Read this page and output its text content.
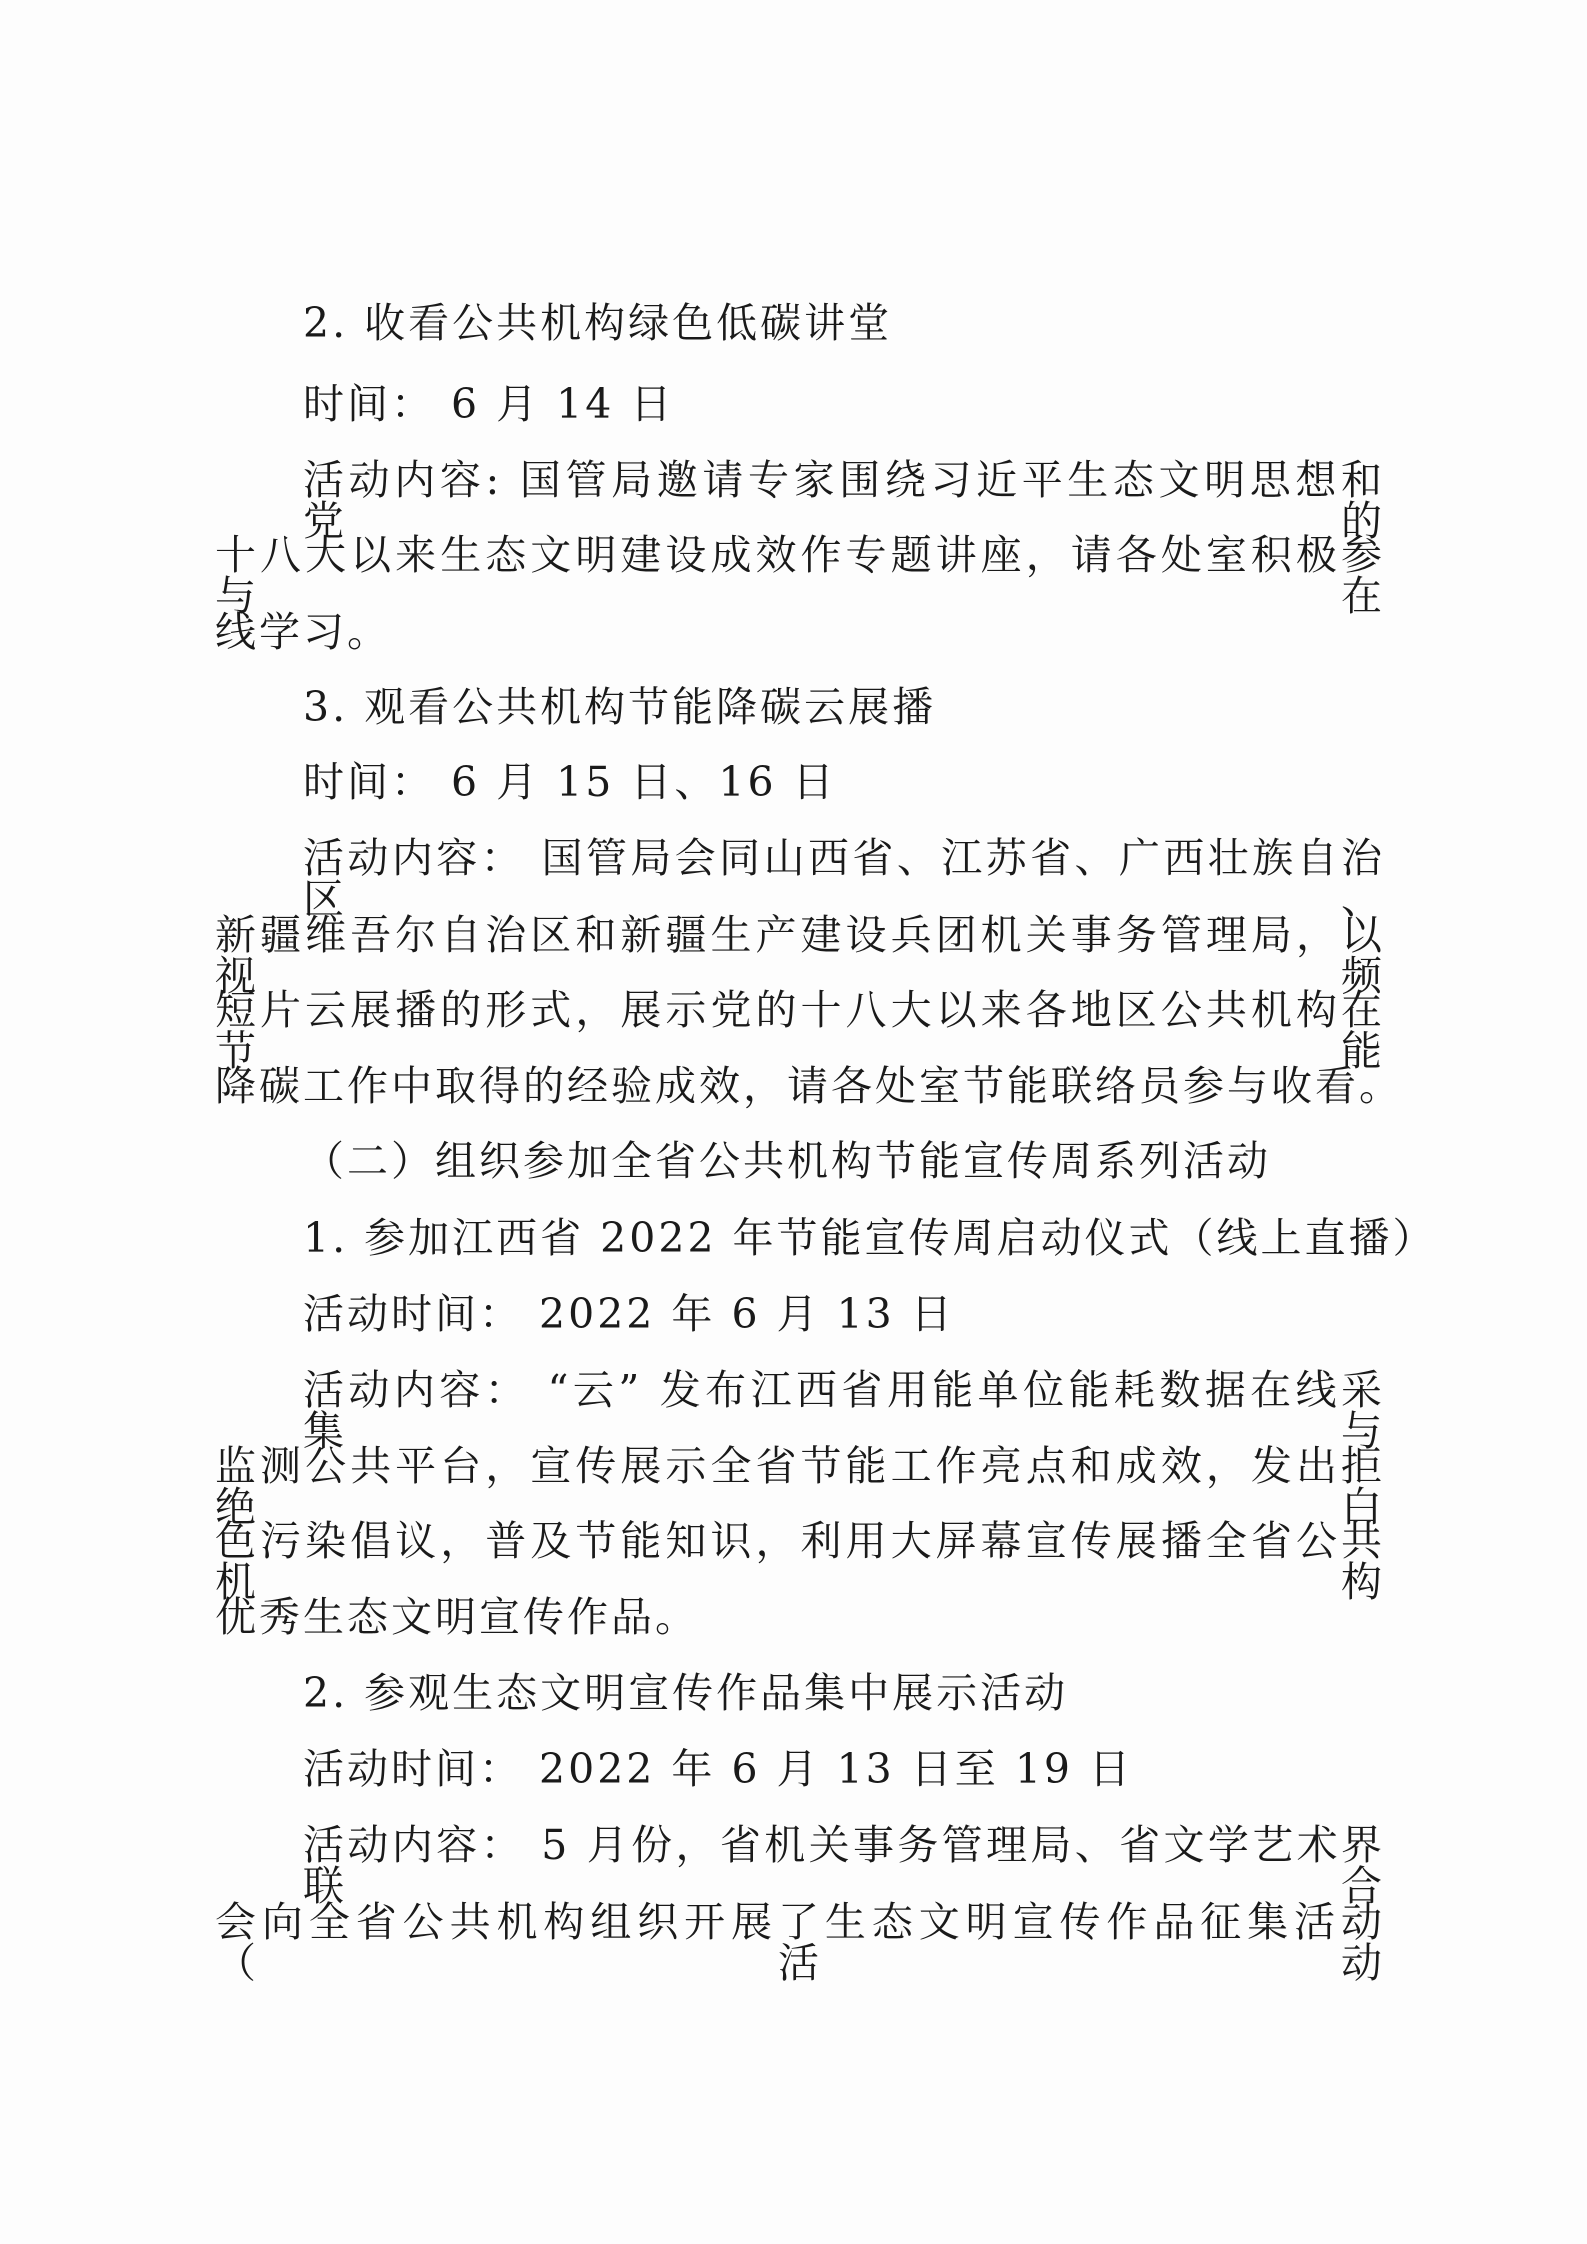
2. 收看公共机构绿色低碳讲堂
时间： 6 月 14 日
活动内容: 国管局邀请专家围绕习近平生态文明思想和党的
十八大以来生态文明建设成效作专题讲座，请各处室积极参与在
线学习。
3. 观看公共机构节能降碳云展播
时间： 6 月 15 日、16 日
活动内容： 国管局会同山西省、江苏省、广西壮族自治区、
新疆维吾尔自治区和新疆生产建设兵团机关事务管理局，以视频
短片云展播的形式，展示党的十八大以来各地区公共机构在节能
降碳工作中取得的经验成效，请各处室节能联络员参与收看。
（二）组织参加全省公共机构节能宣传周系列活动
1. 参加江西省 2022 年节能宣传周启动仪式（线上直播）
活动时间： 2022 年 6 月 13 日
活动内容： “云” 发布江西省用能单位能耗数据在线采集与
监测公共平台，宣传展示全省节能工作亮点和成效，发出拒绝白
色污染倡议，普及节能知识，利用大屏幕宣传展播全省公共机构
优秀生态文明宣传作品。
2. 参观生态文明宣传作品集中展示活动
活动时间： 2022 年 6 月 13 日至 19 日
活动内容： 5 月份，省机关事务管理局、省文学艺术界联合
会向全省公共机构组织开展了生态文明宣传作品征集活动（活动
